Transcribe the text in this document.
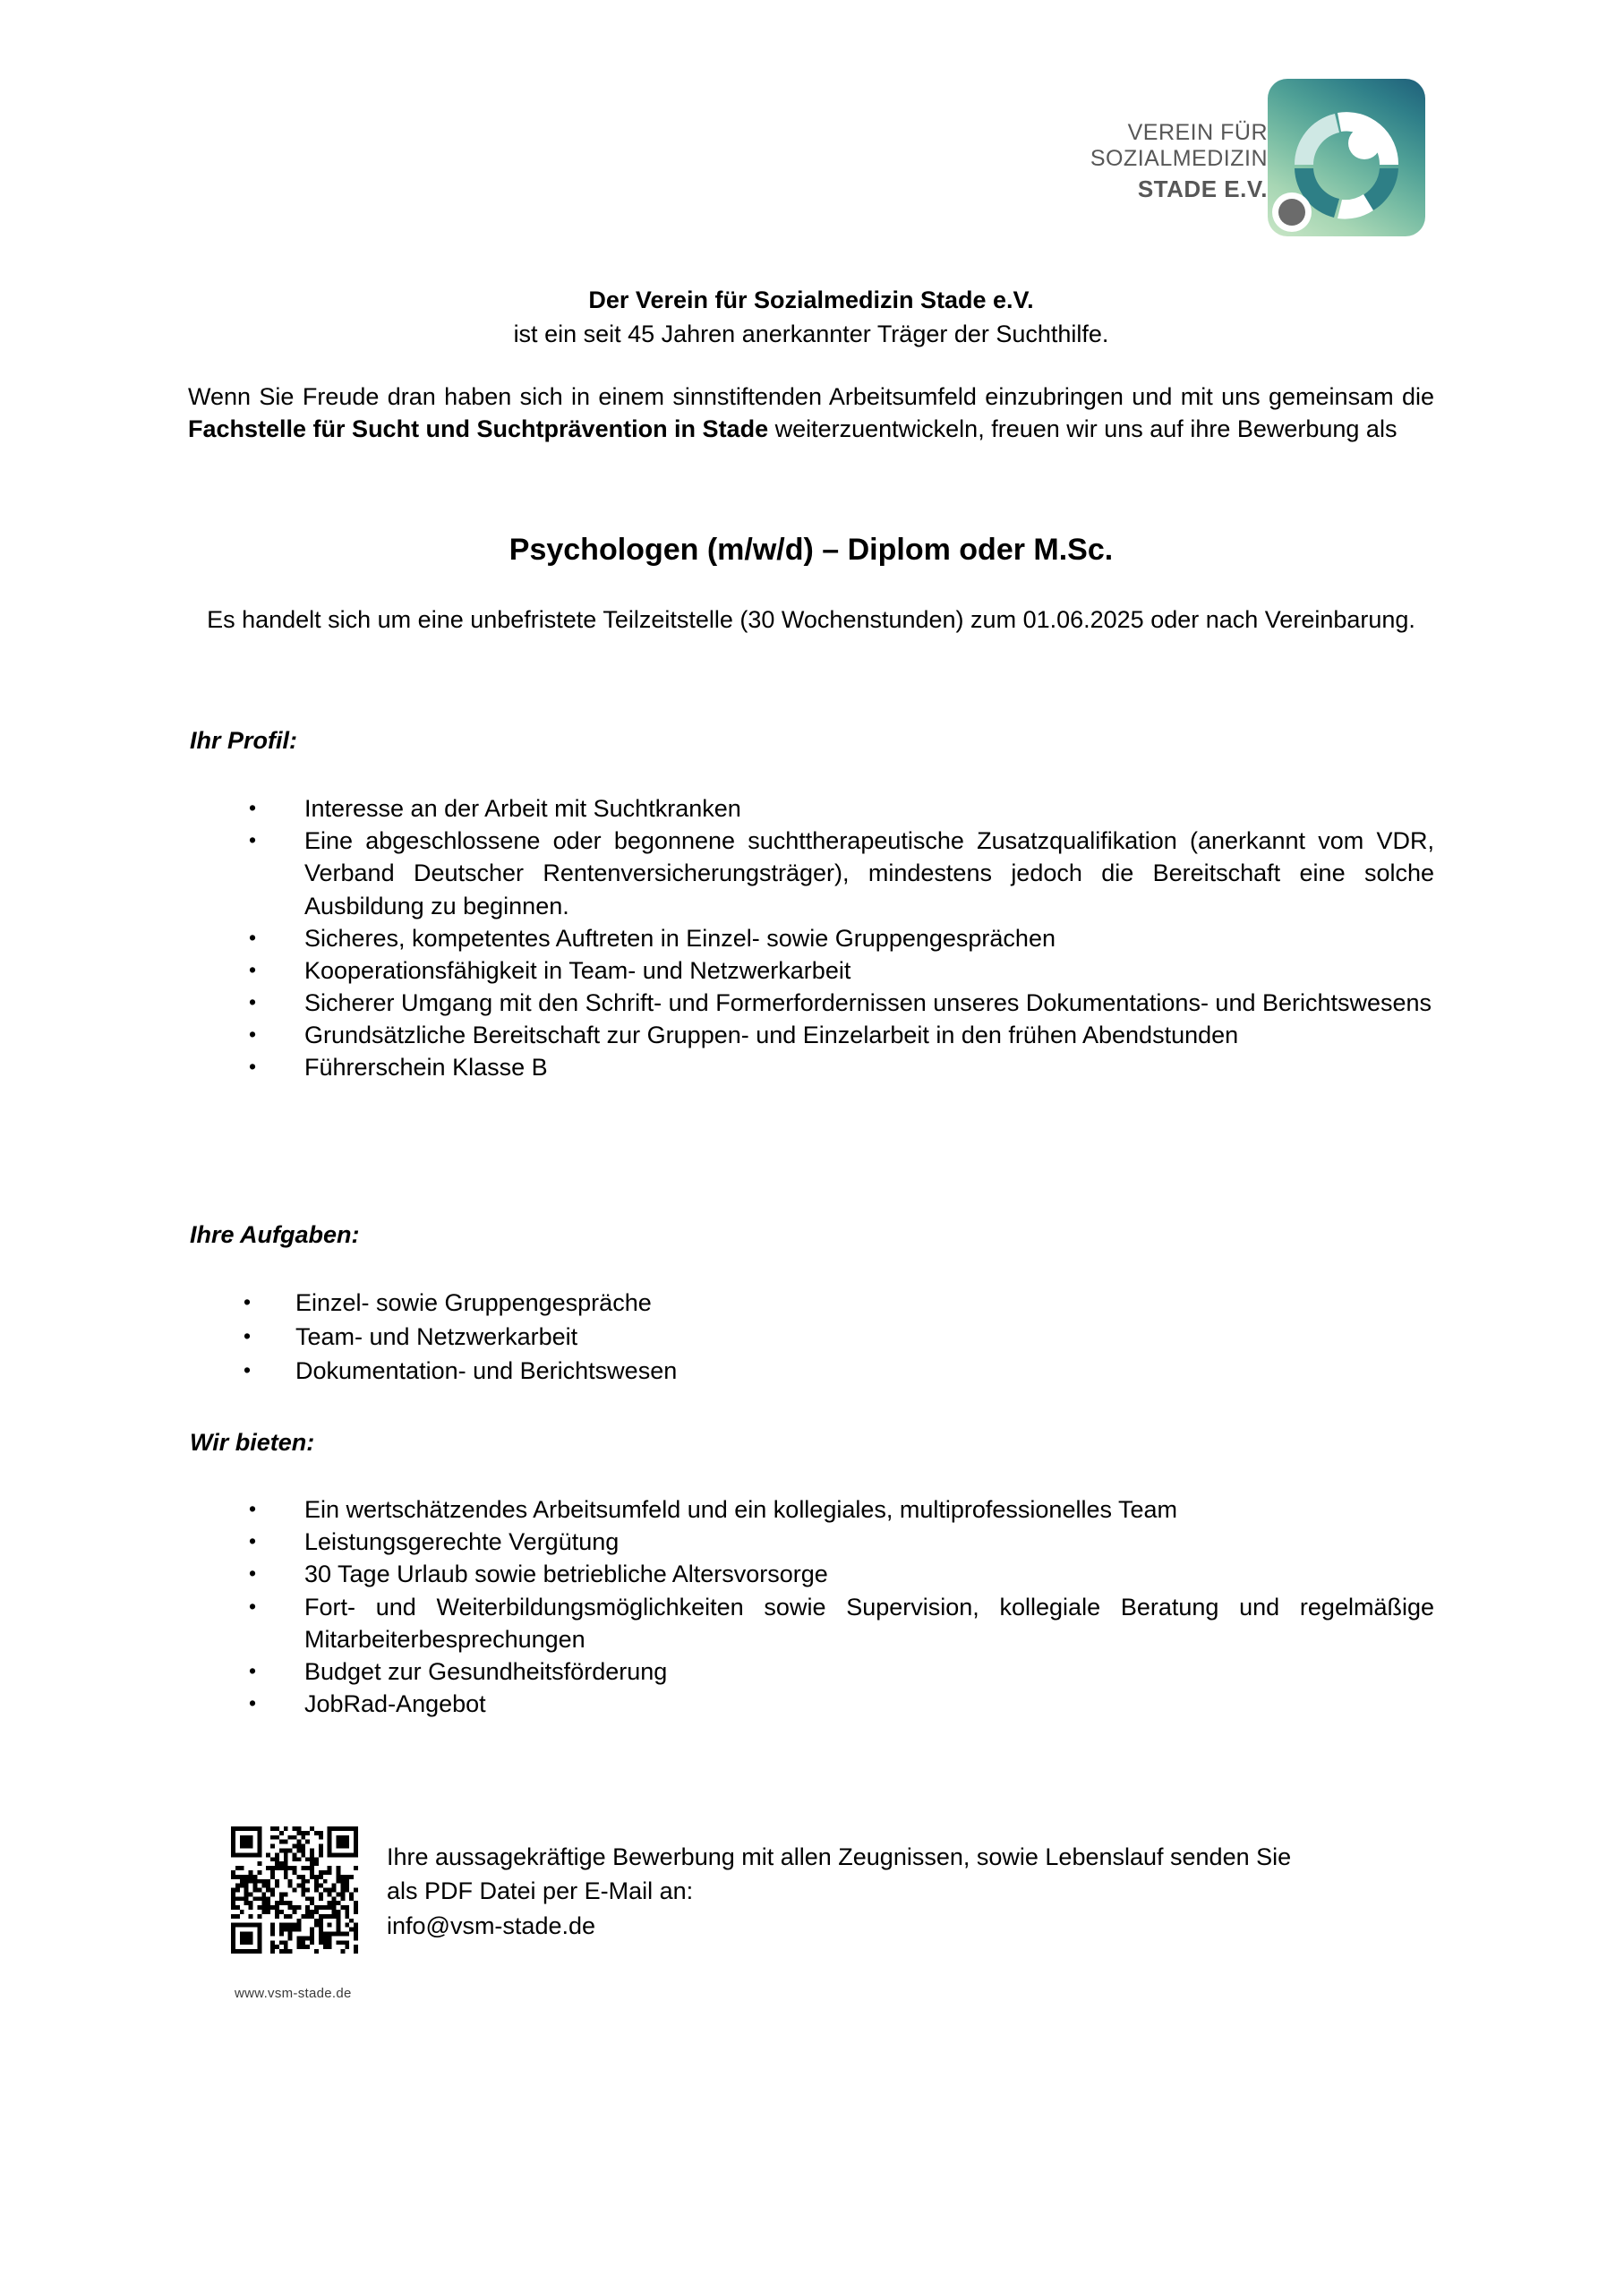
VEREIN FÜR
SOZIALMEDIZIN
STADE E.V.
Der Verein für Sozialmedizin Stade e.V.
ist ein seit 45 Jahren anerkannter Träger der Suchthilfe.
Wenn Sie Freude dran haben sich in einem sinnstiftenden Arbeitsumfeld einzubringen und mit uns gemeinsam die Fachstelle für Sucht und Suchtprävention in Stade weiterzuentwickeln, freuen wir uns auf ihre Bewerbung als
Psychologen (m/w/d) – Diplom oder M.Sc.
Es handelt sich um eine unbefristete Teilzeitstelle (30 Wochenstunden) zum 01.06.2025 oder nach Vereinbarung.
Ihr Profil:
•	Interesse an der Arbeit mit Suchtkranken
•	Eine abgeschlossene oder begonnene suchttherapeutische Zusatzqualifikation (anerkannt vom VDR, Verband Deutscher Rentenversicherungsträger), mindestens jedoch die Bereitschaft eine solche Ausbildung zu beginnen.
•	Sicheres, kompetentes Auftreten in Einzel- sowie Gruppengesprächen
•	Kooperationsfähigkeit in Team- und Netzwerkarbeit
•	Sicherer Umgang mit den Schrift- und Formerfordernissen unseres Dokumentations- und Berichtswesens
•	Grundsätzliche Bereitschaft zur Gruppen- und Einzelarbeit in den frühen Abendstunden
•	Führerschein Klasse B
Ihre Aufgaben:
•	Einzel- sowie Gruppengespräche
•	Team- und Netzwerkarbeit
•	Dokumentation- und Berichtswesen
Wir bieten:
•	Ein wertschätzendes Arbeitsumfeld und ein kollegiales, multiprofessionelles Team
•	Leistungsgerechte Vergütung
•	30 Tage Urlaub sowie betriebliche Altersvorsorge
•	Fort- und Weiterbildungsmöglichkeiten sowie Supervision, kollegiale Beratung und regelmäßige Mitarbeiterbesprechungen
•	Budget zur Gesundheitsförderung
•	JobRad-Angebot
Ihre aussagekräftige Bewerbung mit allen Zeugnissen, sowie Lebenslauf senden Sie
als PDF Datei per E-Mail an:
info@vsm-stade.de
www.vsm-stade.de
